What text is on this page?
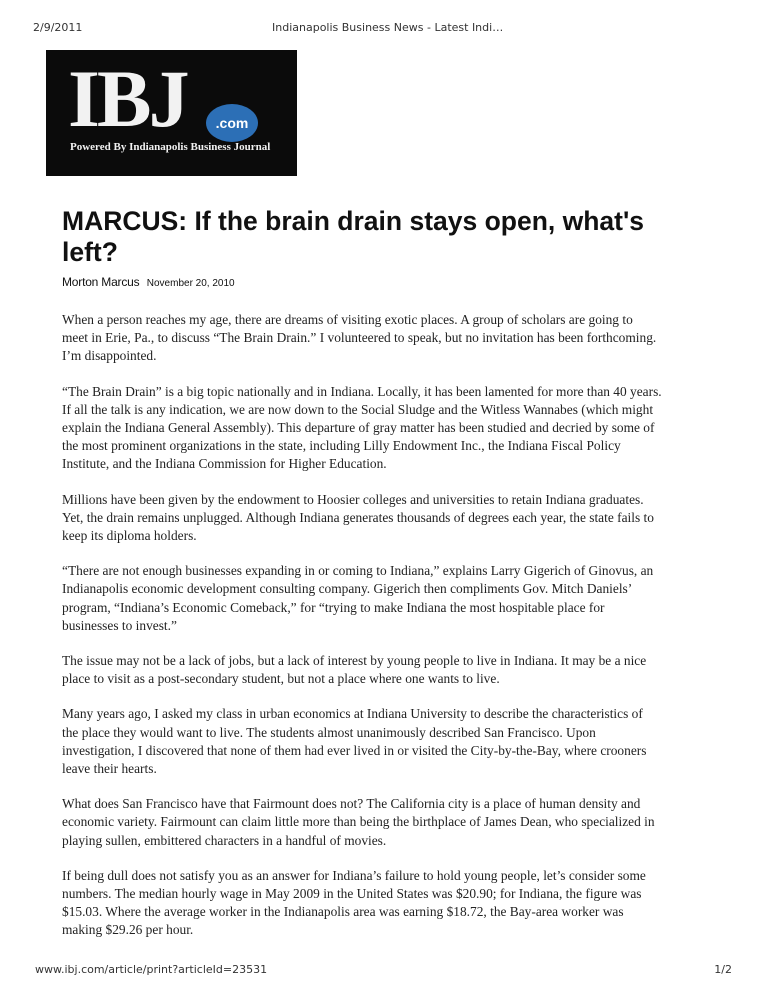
2/9/2011	Indianapolis Business News - Latest Indi…
IBJ	.com
Powered By Indianapolis Business Journal
MARCUS: If the brain drain stays open, what's left?
Morton Marcus November 20, 2010

When a person reaches my age, there are dreams of visiting exotic places. A group of scholars are going to meet in Erie, Pa., to discuss “The Brain Drain.” I volunteered to speak, but no invitation has been forthcoming. I’m disappointed.

“The Brain Drain” is a big topic nationally and in Indiana. Locally, it has been lamented for more than 40 years. If all the talk is any indication, we are now down to the Social Sludge and the Witless Wannabes (which might explain the Indiana General Assembly). This departure of gray matter has been studied and decried by some of the most prominent organizations in the state, including Lilly Endowment Inc., the Indiana Fiscal Policy Institute, and the Indiana Commission for Higher Education.

Millions have been given by the endowment to Hoosier colleges and universities to retain Indiana graduates. Yet, the drain remains unplugged. Although Indiana generates thousands of degrees each year, the state fails to keep its diploma holders.

“There are not enough businesses expanding in or coming to Indiana,” explains Larry Gigerich of Ginovus, an Indianapolis economic development consulting company. Gigerich then compliments Gov. Mitch Daniels’ program, “Indiana’s Economic Comeback,” for “trying to make Indiana the most hospitable place for businesses to invest.”

The issue may not be a lack of jobs, but a lack of interest by young people to live in Indiana. It may be a nice place to visit as a post-secondary student, but not a place where one wants to live.

Many years ago, I asked my class in urban economics at Indiana University to describe the characteristics of the place they would want to live. The students almost unanimously described San Francisco. Upon investigation, I discovered that none of them had ever lived in or visited the City-by-the-Bay, where crooners leave their hearts.

What does San Francisco have that Fairmount does not? The California city is a place of human density and economic variety. Fairmount can claim little more than being the birthplace of James Dean, who specialized in playing sullen, embittered characters in a handful of movies.

If being dull does not satisfy you as an answer for Indiana’s failure to hold young people, let’s consider some numbers. The median hourly wage in May 2009 in the United States was $20.90; for Indiana, the figure was $15.03. Where the average worker in the Indianapolis area was earning $18.72, the Bay-area worker was making $29.26 per hour.

www.ibj.com/article/print?articleId=23531	1/2
